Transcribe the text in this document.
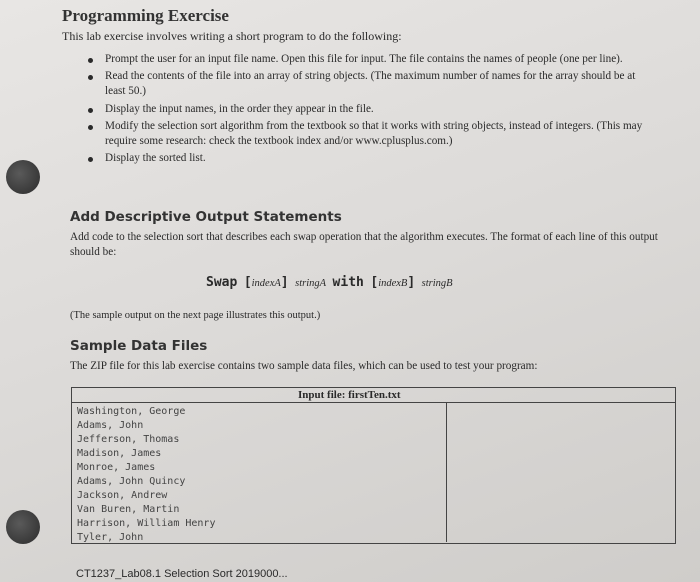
Programming Exercise
This lab exercise involves writing a short program to do the following:
Prompt the user for an input file name. Open this file for input. The file contains the names of people (one per line).
Read the contents of the file into an array of string objects. (The maximum number of names for the array should be at least 50.)
Display the input names, in the order they appear in the file.
Modify the selection sort algorithm from the textbook so that it works with string objects, instead of integers. (This may require some research: check the textbook index and/or www.cplusplus.com.)
Display the sorted list.
Add Descriptive Output Statements
Add code to the selection sort that describes each swap operation that the algorithm executes. The format of each line of this output should be:
Swap [indexA] stringA with [indexB] stringB
(The sample output on the next page illustrates this output.)
Sample Data Files
The ZIP file for this lab exercise contains two sample data files, which can be used to test your program:
Input file: firstTen.txt
Washington, George
Adams, John
Jefferson, Thomas
Madison, James
Monroe, James
Adams, John Quincy
Jackson, Andrew
Van Buren, Martin
Harrison, William Henry
Tyler, John
CT1237_Lab08.1 Selection Sort 2019000...
